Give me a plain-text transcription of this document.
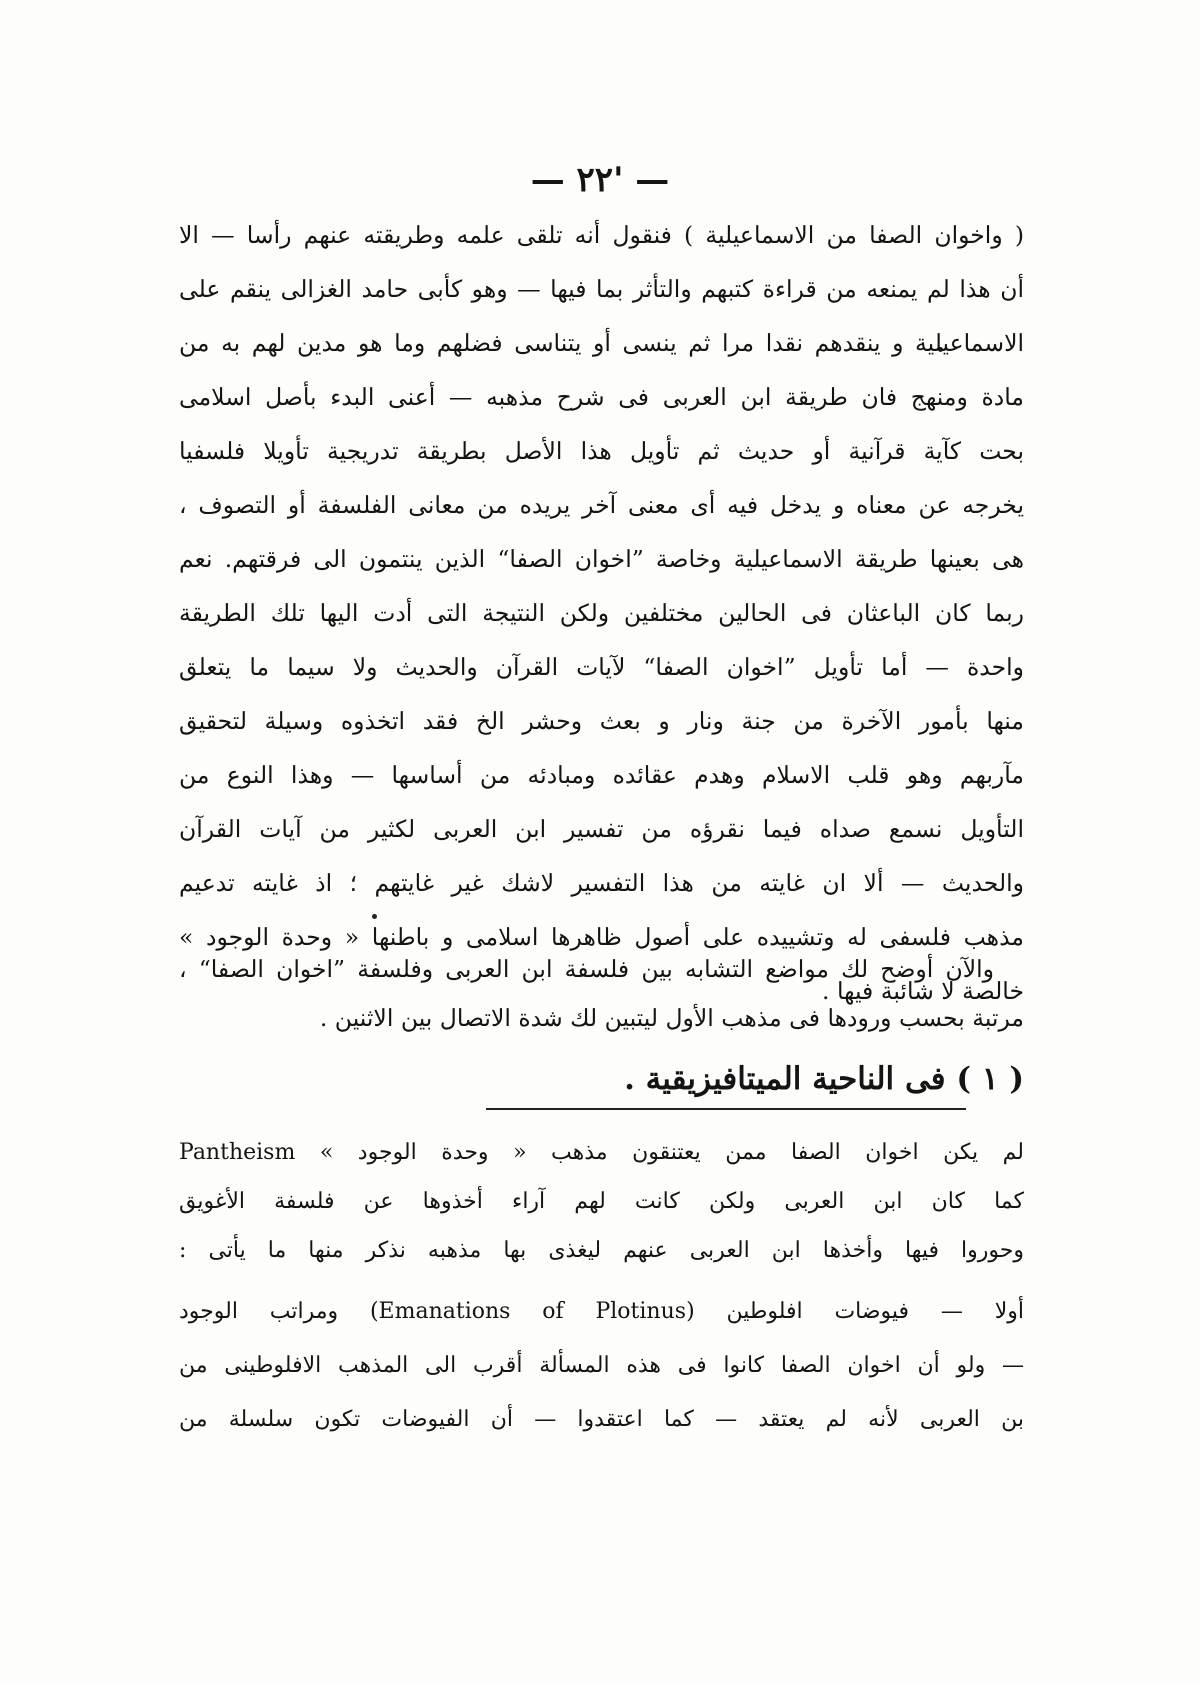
— ٢٢' —

( واخوان الصفا من الاسماعيلية ) فنقول أنه تلقى علمه وطريقته عنهم رأسا — الا
أن هذا لم يمنعه من قراءة كتبهم والتأثر بما فيها — وهو كأبى حامد الغزالى ينقم على
الاسماعيلية و ينقدهم نقدا مرا ثم ينسى أو يتناسى فضلهم وما هو مدين لهم به من
مادة ومنهج فان طريقة ابن العربى فى شرح مذهبه — أعنى البدء بأصل اسلامى
بحت كآية قرآنية أو حديث ثم تأويل هذا الأصل بطريقة تدريجية تأويلا فلسفيا
يخرجه عن معناه و يدخل فيه أى معنى آخر يريده من معانى الفلسفة أو التصوف ،
هى بعينها طريقة الاسماعيلية وخاصة ”اخوان الصفا“ الذين ينتمون الى فرقتهم. نعم
ربما كان الباعثان فى الحالين مختلفين ولكن النتيجة التى أدت اليها تلك الطريقة
واحدة — أما تأويل ”اخوان الصفا“ لآيات القرآن والحديث ولا سيما ما يتعلق
منها بأمور الآخرة من جنة ونار و بعث وحشر الخ فقد اتخذوه وسيلة لتحقيق
مآربهم وهو قلب الاسلام وهدم عقائده ومبادئه من أساسها — وهذا النوع من
التأويل نسمع صداه فيما نقرؤه من تفسير ابن العربى لكثير من آيات القرآن
والحديث — ألا ان غايته من هذا التفسير لاشك غير غايتهم ؛ اذ غايته تدعيم
مذهب فلسفى له وتشييده على أصول ظاهرها اسلامى و باطنها « وحدة الوجود »
خالصة لا شائبة فيها .

والآن أوضح لك مواضع التشابه بين فلسفة ابن العربى وفلسفة ”اخوان الصفا“ ،
مرتبة بحسب ورودها فى مذهب الأول ليتبين لك شدة الاتصال بين الاثنين .

( ١ ) فى الناحية الميتافيزيقية .

لم يكن اخوان الصفا ممن يعتنقون مذهب « وحدة الوجود » Pantheism
كما كان ابن العربى ولكن كانت لهم آراء أخذوها عن فلسفة الأغويق
وحوروا فيها وأخذها ابن العربى عنهم ليغذى بها مذهبه نذكر منها ما يأتى :

أولا — فيوضات افلوطين (Emanations of Plotinus) ومراتب الوجود
— ولو أن اخوان الصفا كانوا فى هذه المسألة أقرب الى المذهب الافلوطينى من
بن العربى لأنه لم يعتقد — كما اعتقدوا — أن الفيوضات تكون سلسلة من
